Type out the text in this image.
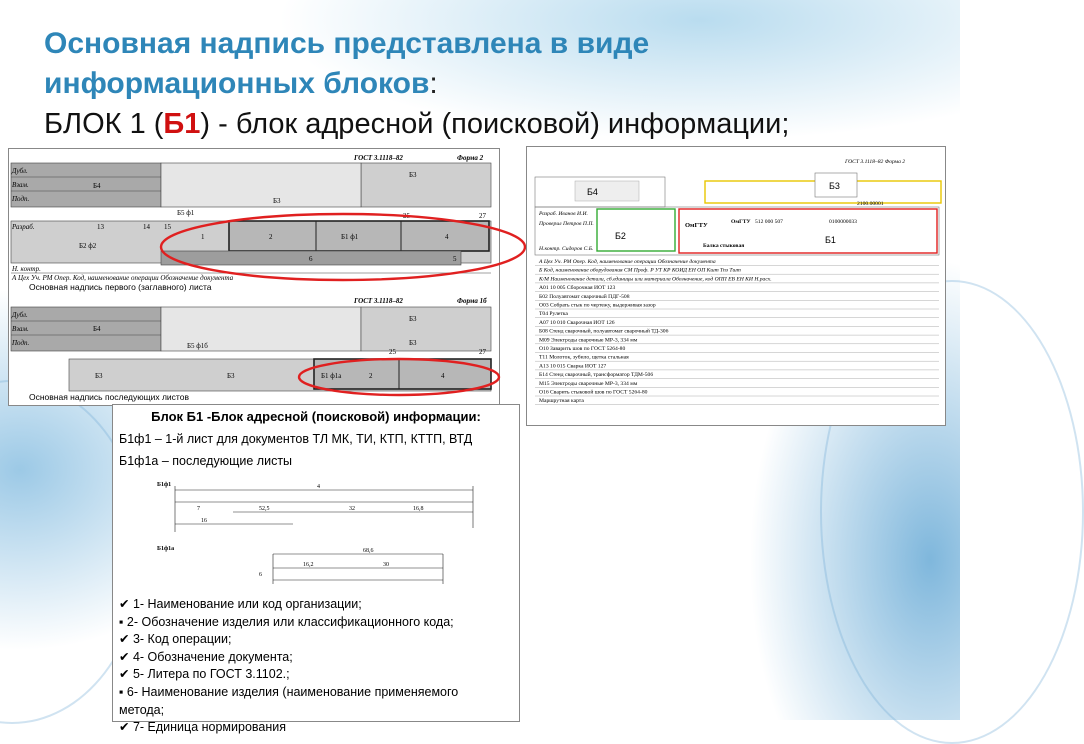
Основная надпись представлена в виде
информационных блоков:
БЛОК 1 (Б1) - блок адресной (поисковой) информации;
ГОСТ 3.1118–82	Форма 2
Дубл.
Взам.
Подп.
Б4
Б3
Б3
Б5 ф1
Разраб.	13	14 15
25	27
Б2 ф2
1	2	Б1 ф1	4
6	5
Н. контр.
А Цех Уч. РМ Опер. Код, наименование операции Обозначение документа
Основная надпись первого (заглавного) листа
ГОСТ 3.1118–82	Форма 1б
Дубл.
Взам.
Подп.
Б4
Б3
Б3
Б5 ф1б
25	27
Б3	Б3	Б1 ф1а	2	4
Основная надпись последующих листов
ГОСТ 3.1118–82 Форма 2
Б4
Б3
2100.00001
Разраб. Иванов И.И.
Проверил Петров П.П.
Н.контр. Сидоров С.Б.
Б2
ОмГТУ	ОмГТУ 512 000 507	0100000033
Балка стыковая
Б1
А Цех Уч. РМ Опер. Код, наименование операции Обозначение документа
Б Код, наименование оборудования СМ Проф. Р УТ КР КОИД ЕН ОП Кшт Тпз Тшт
К/М Наименование детали, сб.единицы или материала Обозначение, код ОПП ЕВ ЕН КИ Н.расх.
А01 10 005 Сборочная ИОТ 123
Б02 Полуавтомат сварочный ПДГ-508
О03 Собрать стык по чертежу, выдерживая зазор
Т04 Рулетка
А07 10 010 Сварочная ИОТ 126
Б08 Стенд сварочный, полуавтомат сварочный ТД-306
М09 Электроды сварочные МР-3, 334 мм
О10 Заварить шов по ГОСТ 5264-80
Т11 Молоток, зубило, щетка стальная
А13 10 015 Сварка ИОТ 127
Б14 Стенд сварочный, трансформатор ТДМ-506
М15 Электроды сварочные МР-3, 334 мм
О16 Сварить стыковой шов по ГОСТ 5264-80
Маршрутная карта
Блок Б1 -Блок адресной (поисковой) информации:
Б1ф1 – 1-й лист для документов ТЛ МК, ТИ, КТП, КТТП, ВТД
Б1ф1а – последующие листы
Б1ф1	4
7	52,5	32	16,8
16
Б1ф1а	68,6
16,2	30
6
✔ 1- Наименование или код организации;
▪ 2- Обозначение изделия или классификационного кода;
✔ 3- Код операции;
✔ 4- Обозначение документа;
✔ 5- Литера по ГОСТ 3.1102.;
▪ 6- Наименование изделия (наименование применяемого
метода;
✔ 7- Единица нормирования
